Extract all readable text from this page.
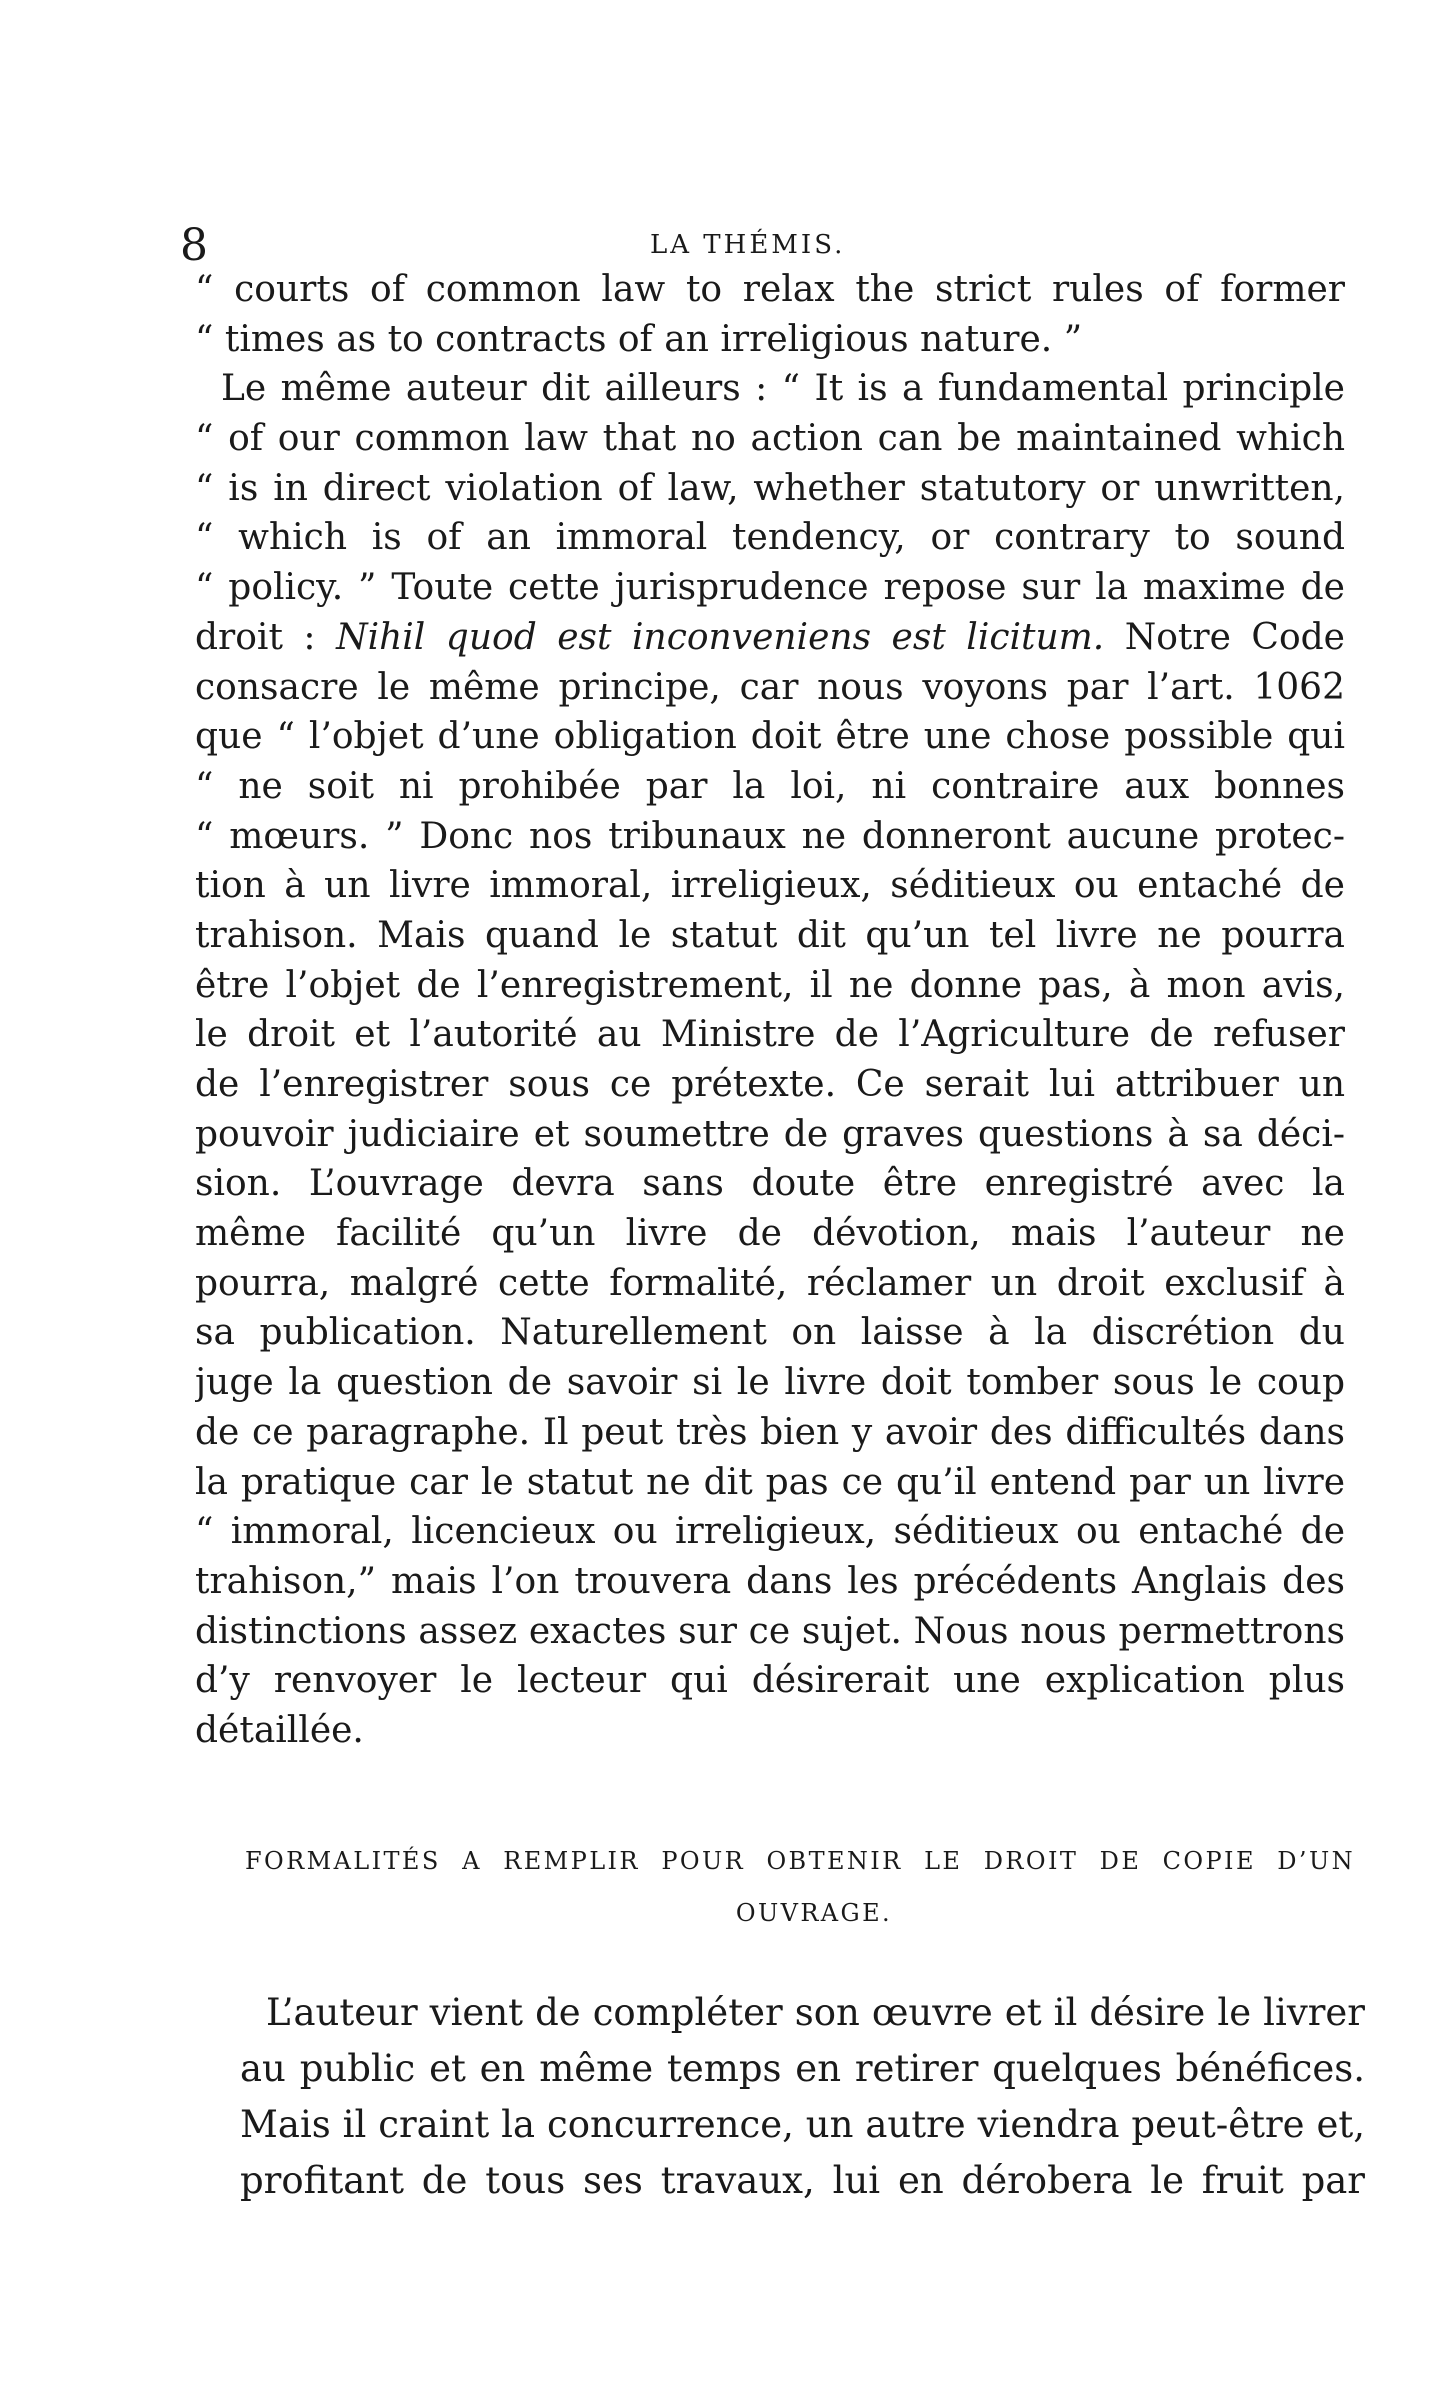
8	LA THÉMIS.
“ courts of common law to relax the strict rules of former
“ times as to contracts of an irreligious nature. ”
Le même auteur dit ailleurs : “ It is a fundamental principle
“ of our common law that no action can be maintained which
“ is in direct violation of law, whether statutory or unwritten,
“ which is of an immoral tendency, or contrary to sound
“ policy. ” Toute cette jurisprudence repose sur la maxime de
droit : Nihil quod est inconveniens est licitum. Notre Code
consacre le même principe, car nous voyons par l’art. 1062
que “ l’objet d’une obligation doit être une chose possible qui
“ ne soit ni prohibée par la loi, ni contraire aux bonnes
“ mœurs. ” Donc nos tribunaux ne donneront aucune protec-
tion à un livre immoral, irreligieux, séditieux ou entaché de
trahison. Mais quand le statut dit qu’un tel livre ne pourra
être l’objet de l’enregistrement, il ne donne pas, à mon avis,
le droit et l’autorité au Ministre de l’Agriculture de refuser
de l’enregistrer sous ce prétexte. Ce serait lui attribuer un
pouvoir judiciaire et soumettre de graves questions à sa déci-
sion. L’ouvrage devra sans doute être enregistré avec la
même facilité qu’un livre de dévotion, mais l’auteur ne
pourra, malgré cette formalité, réclamer un droit exclusif à
sa publication. Naturellement on laisse à la discrétion du
juge la question de savoir si le livre doit tomber sous le coup
de ce paragraphe. Il peut très bien y avoir des difficultés dans
la pratique car le statut ne dit pas ce qu’il entend par un livre
“ immoral, licencieux ou irreligieux, séditieux ou entaché de
trahison,” mais l’on trouvera dans les précédents Anglais des
distinctions assez exactes sur ce sujet. Nous nous permettrons
d’y renvoyer le lecteur qui désirerait une explication plus
détaillée.
FORMALITÉS A REMPLIR POUR OBTENIR LE DROIT DE COPIE D’UN
OUVRAGE.
L’auteur vient de compléter son œuvre et il désire le livrer
au public et en même temps en retirer quelques bénéfices.
Mais il craint la concurrence, un autre viendra peut-être et,
profitant de tous ses travaux, lui en dérobera le fruit par
